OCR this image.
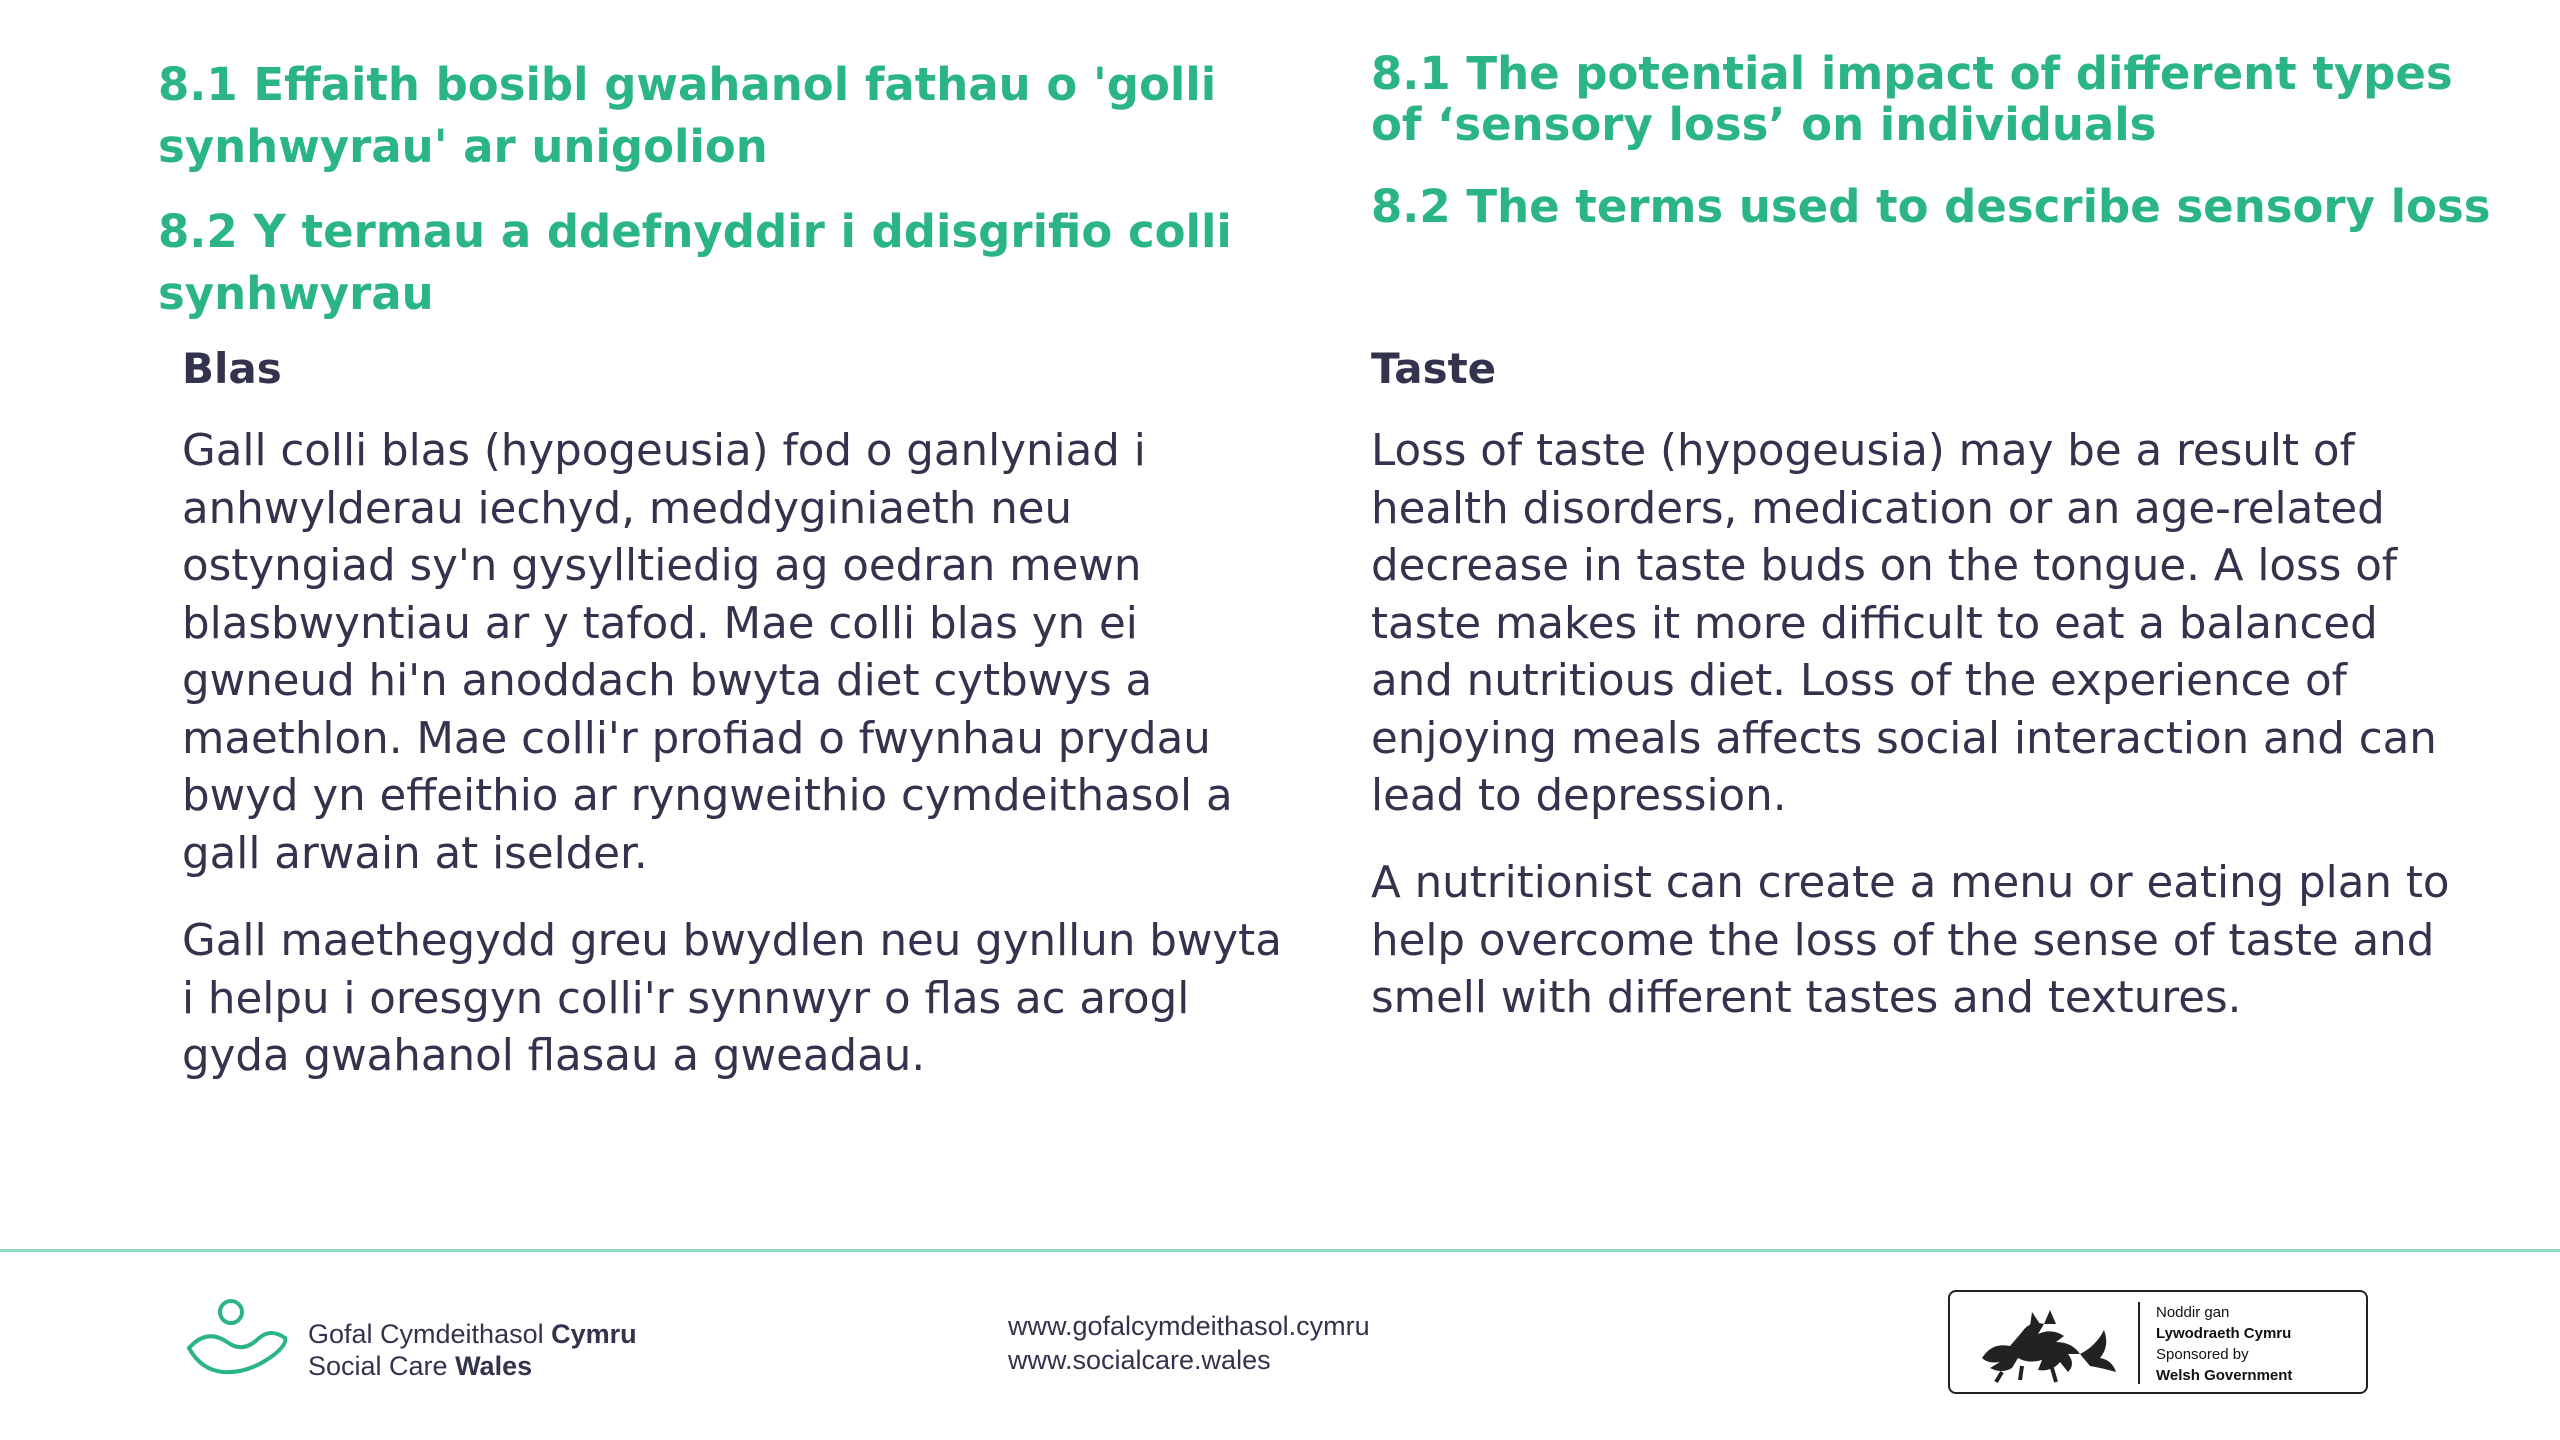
8.1 Effaith bosibl gwahanol fathau o 'golli synhwyrau' ar unigolion
8.2 Y termau a ddefnyddir i ddisgrifio colli synhwyrau
8.1 The potential impact of different types of ‘sensory loss’ on individuals
8.2 The terms used to describe sensory loss
Blas	Taste

Gall colli blas (hypogeusia) fod o ganlyniad i anhwylderau iechyd, meddyginiaeth neu ostyngiad sy'n gysylltiedig ag oedran mewn blasbwyntiau ar y tafod. Mae colli blas yn ei gwneud hi'n anoddach bwyta diet cytbwys a maethlon. Mae colli'r profiad o fwynhau prydau bwyd yn effeithio ar ryngweithio cymdeithasol a gall arwain at iselder.

Gall maethegydd greu bwydlen neu gynllun bwyta i helpu i oresgyn colli'r synnwyr o flas ac arogl gyda gwahanol flasau a gweadau.

Loss of taste (hypogeusia) may be a result of health disorders, medication or an age-related decrease in taste buds on the tongue. A loss of taste makes it more difficult to eat a balanced and nutritious diet. Loss of the experience of enjoying meals affects social interaction and can lead to depression.

A nutritionist can create a menu or eating plan to help overcome the loss of the sense of taste and smell with different tastes and textures.

Gofal Cymdeithasol Cymru
Social Care Wales
www.gofalcymdeithasol.cymru
www.socialcare.wales
Noddir gan
Lywodraeth Cymru
Sponsored by
Welsh Government
